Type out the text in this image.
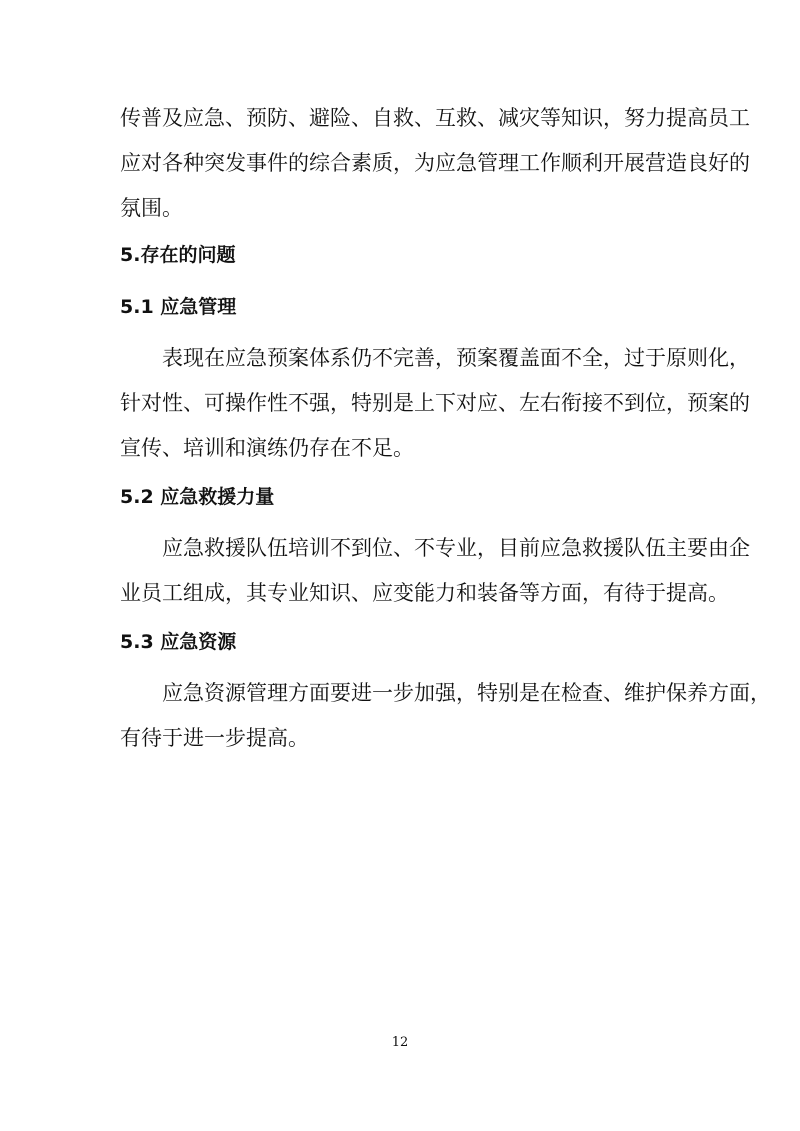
传普及应急、预防、避险、自救、互救、减灾等知识，努力提高员工
应对各种突发事件的综合素质，为应急管理工作顺利开展营造良好的
氛围。
5.存在的问题
5.1 应急管理
表现在应急预案体系仍不完善，预案覆盖面不全，过于原则化，
针对性、可操作性不强，特别是上下对应、左右衔接不到位，预案的
宣传、培训和演练仍存在不足。
5.2 应急救援力量
应急救援队伍培训不到位、不专业，目前应急救援队伍主要由企
业员工组成，其专业知识、应变能力和装备等方面，有待于提高。
5.3 应急资源
应急资源管理方面要进一步加强，特别是在检查、维护保养方面，
有待于进一步提高。
12
